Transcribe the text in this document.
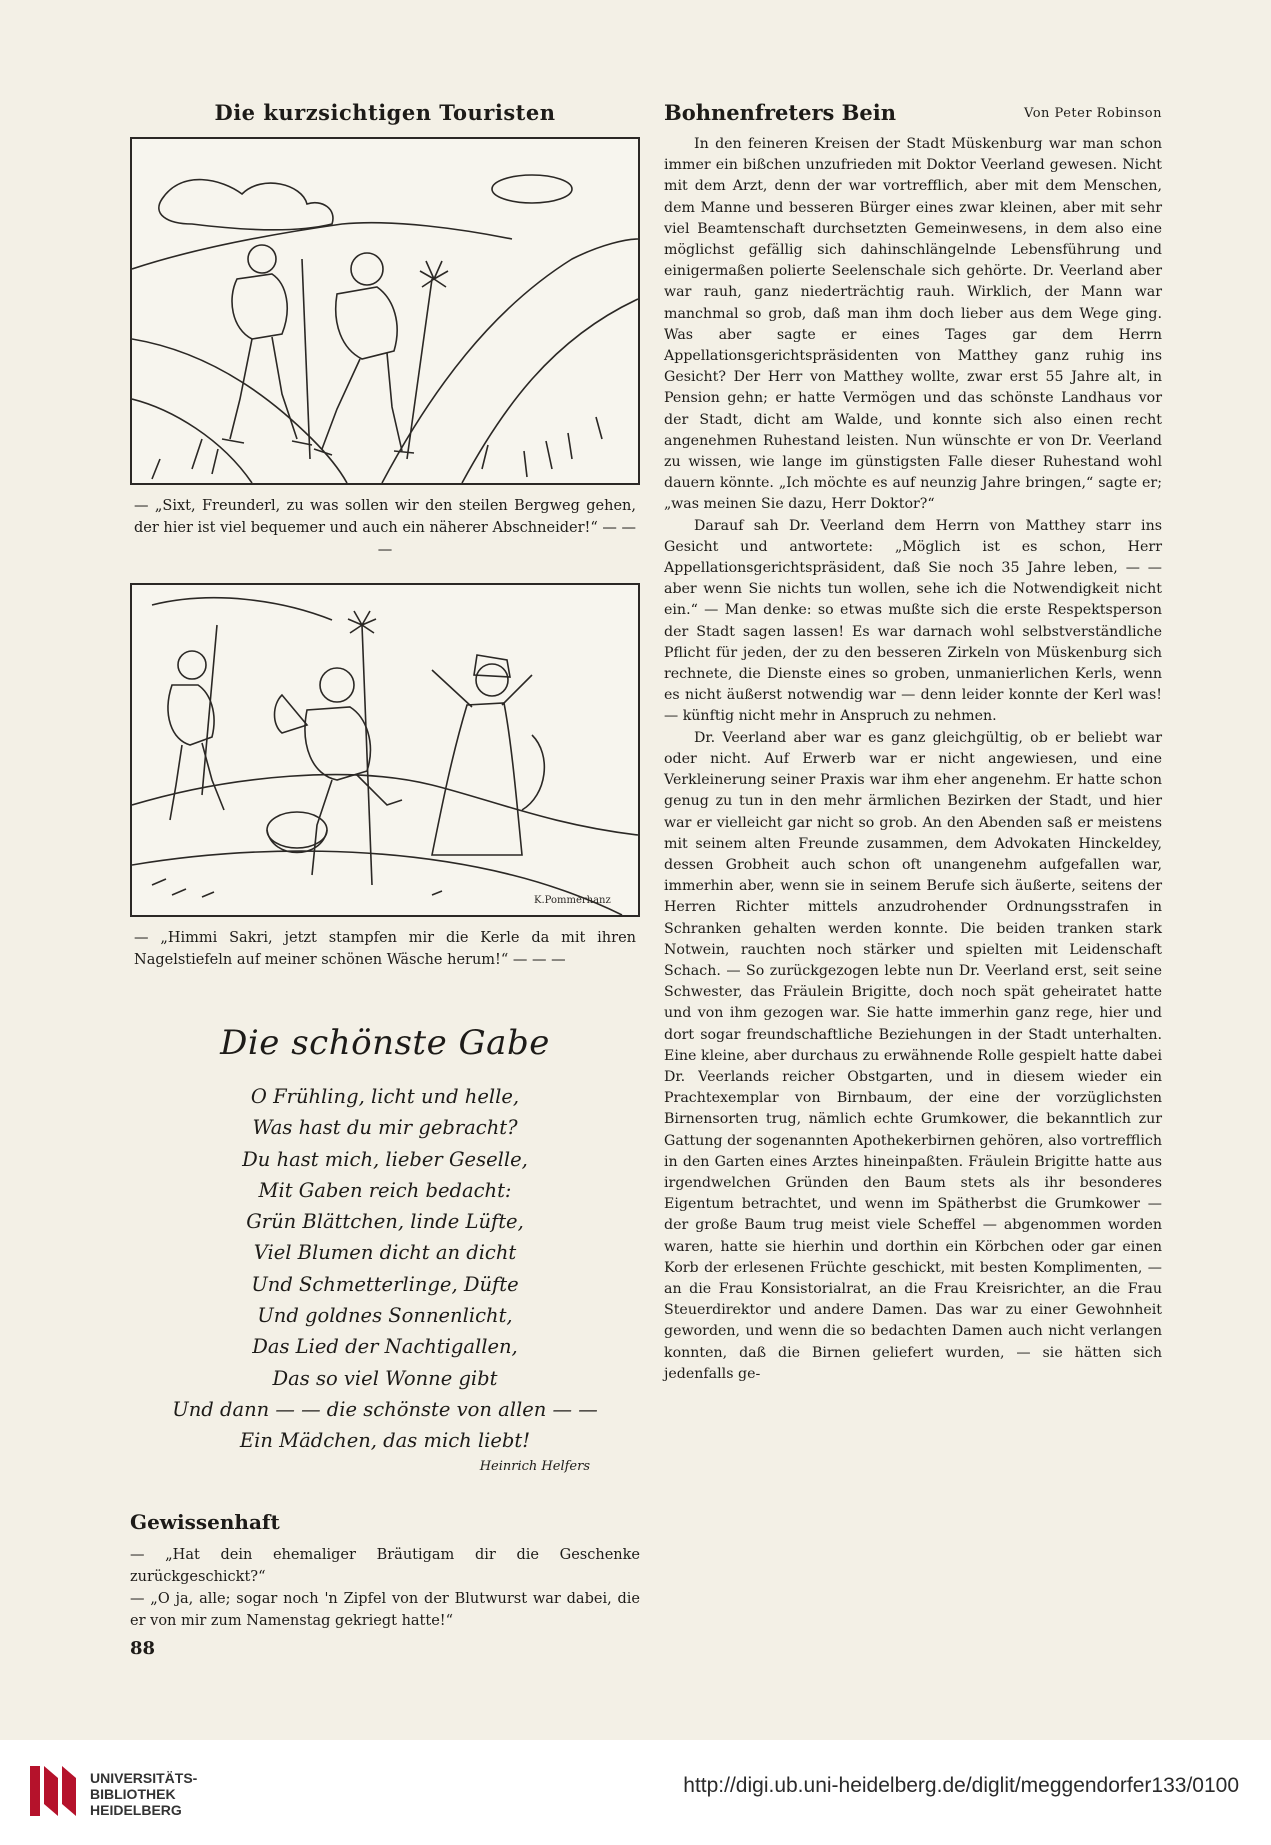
Die kurzsichtigen Touristen
— „Sixt, Freunderl, zu was sollen wir den steilen Bergweg gehen, der hier ist viel bequemer und auch ein näherer Abschneider!“ — — —
K.Pommerhanz
— „Himmi Sakri, jetzt stampfen mir die Kerle da mit ihren Nagelstiefeln auf meiner schönen Wäsche herum!“ — — —
Die schönste Gabe
O Frühling, licht und helle,
Was hast du mir gebracht?
Du hast mich, lieber Geselle,
Mit Gaben reich bedacht:
Grün Blättchen, linde Lüfte,
Viel Blumen dicht an dicht
Und Schmetterlinge, Düfte
Und goldnes Sonnenlicht,
Das Lied der Nachtigallen,
Das so viel Wonne gibt
Und dann — — die schönste von allen — —
Ein Mädchen, das mich liebt!
Heinrich Helfers
Gewissenhaft

— „Hat dein ehemaliger Bräutigam dir die Geschenke zurückgeschickt?“

— „O ja, alle; sogar noch 'n Zipfel von der Blutwurst war dabei, die er von mir zum Namenstag gekriegt hatte!“

88
Bohnenfreters Bein	Von Peter Robinson

In den feineren Kreisen der Stadt Müskenburg war man schon immer ein bißchen unzufrieden mit Doktor Veerland gewesen. Nicht mit dem Arzt, denn der war vortrefflich, aber mit dem Menschen, dem Manne und besseren Bürger eines zwar kleinen, aber mit sehr viel Beamtenschaft durchsetzten Gemeinwesens, in dem also eine möglichst gefällig sich dahinschlängelnde Lebensführung und einigermaßen polierte Seelenschale sich gehörte. Dr. Veerland aber war rauh, ganz niederträchtig rauh. Wirklich, der Mann war manchmal so grob, daß man ihm doch lieber aus dem Wege ging. Was aber sagte er eines Tages gar dem Herrn Appellationsgerichtspräsidenten von Matthey ganz ruhig ins Gesicht? Der Herr von Matthey wollte, zwar erst 55 Jahre alt, in Pension gehn; er hatte Vermögen und das schönste Landhaus vor der Stadt, dicht am Walde, und konnte sich also einen recht angenehmen Ruhestand leisten. Nun wünschte er von Dr. Veerland zu wissen, wie lange im günstigsten Falle dieser Ruhestand wohl dauern könnte. „Ich möchte es auf neunzig Jahre bringen,“ sagte er; „was meinen Sie dazu, Herr Doktor?“

Darauf sah Dr. Veerland dem Herrn von Matthey starr ins Gesicht und antwortete: „Möglich ist es schon, Herr Appellationsgerichtspräsident, daß Sie noch 35 Jahre leben, — — aber wenn Sie nichts tun wollen, sehe ich die Notwendigkeit nicht ein.“ — Man denke: so etwas mußte sich die erste Respektsperson der Stadt sagen lassen! Es war darnach wohl selbstverständliche Pflicht für jeden, der zu den besseren Zirkeln von Müskenburg sich rechnete, die Dienste eines so groben, unmanierlichen Kerls, wenn es nicht äußerst notwendig war — denn leider konnte der Kerl was! — künftig nicht mehr in Anspruch zu nehmen.

Dr. Veerland aber war es ganz gleichgültig, ob er beliebt war oder nicht. Auf Erwerb war er nicht angewiesen, und eine Verkleinerung seiner Praxis war ihm eher angenehm. Er hatte schon genug zu tun in den mehr ärmlichen Bezirken der Stadt, und hier war er vielleicht gar nicht so grob. An den Abenden saß er meistens mit seinem alten Freunde zusammen, dem Advokaten Hinckeldey, dessen Grobheit auch schon oft unangenehm aufgefallen war, immerhin aber, wenn sie in seinem Berufe sich äußerte, seitens der Herren Richter mittels anzudrohender Ordnungsstrafen in Schranken gehalten werden konnte. Die beiden tranken stark Notwein, rauchten noch stärker und spielten mit Leidenschaft Schach. — So zurückgezogen lebte nun Dr. Veerland erst, seit seine Schwester, das Fräulein Brigitte, doch noch spät geheiratet hatte und von ihm gezogen war. Sie hatte immerhin ganz rege, hier und dort sogar freundschaftliche Beziehungen in der Stadt unterhalten. Eine kleine, aber durchaus zu erwähnende Rolle gespielt hatte dabei Dr. Veerlands reicher Obstgarten, und in diesem wieder ein Prachtexemplar von Birnbaum, der eine der vorzüglichsten Birnensorten trug, nämlich echte Grumkower, die bekanntlich zur Gattung der sogenannten Apothekerbirnen gehören, also vortrefflich in den Garten eines Arztes hineinpaßten. Fräulein Brigitte hatte aus irgendwelchen Gründen den Baum stets als ihr besonderes Eigentum betrachtet, und wenn im Spätherbst die Grumkower — der große Baum trug meist viele Scheffel — abgenommen worden waren, hatte sie hierhin und dorthin ein Körbchen oder gar einen Korb der erlesenen Früchte geschickt, mit besten Komplimenten, — an die Frau Konsistorialrat, an die Frau Kreisrichter, an die Frau Steuerdirektor und andere Damen. Das war zu einer Gewohnheit geworden, und wenn die so bedachten Damen auch nicht verlangen konnten, daß die Birnen geliefert wurden, — sie hätten sich jedenfalls ge-

UNIVERSITÄTS-
BIBLIOTHEK
HEIDELBERG
http://digi.ub.uni-heidelberg.de/diglit/meggendorfer133/0100
